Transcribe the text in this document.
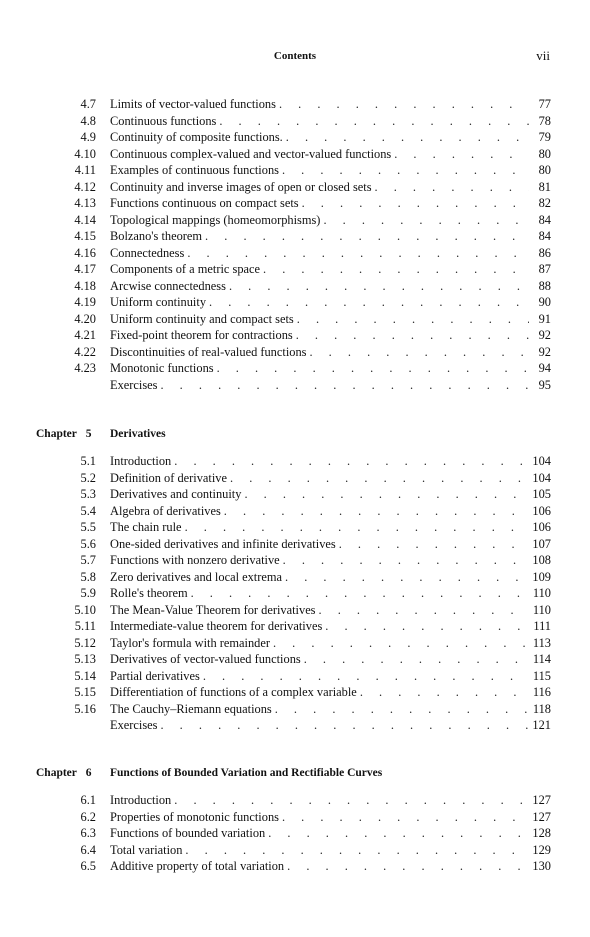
Contents	vii
4.7 Limits of vector-valued functions . . .	77
4.8 Continuous functions . . .	78
4.9 Continuity of composite functions. . . .	79
4.10 Continuous complex-valued and vector-valued functions . . .	80
4.11 Examples of continuous functions . . .	80
4.12 Continuity and inverse images of open or closed sets . . .	81
4.13 Functions continuous on compact sets . . .	82
4.14 Topological mappings (homeomorphisms) . . .	84
4.15 Bolzano's theorem . . .	84
4.16 Connectedness . . .	86
4.17 Components of a metric space . . .	87
4.18 Arcwise connectedness . . .	88
4.19 Uniform continuity . . .	90
4.20 Uniform continuity and compact sets . . .	91
4.21 Fixed-point theorem for contractions . . .	92
4.22 Discontinuities of real-valued functions . . .	92
4.23 Monotonic functions . . .	94
Exercises . . .	95
Chapter 5 Derivatives
5.1 Introduction . . .	104
5.2 Definition of derivative . . .	104
5.3 Derivatives and continuity . . .	105
5.4 Algebra of derivatives . . .	106
5.5 The chain rule . . .	106
5.6 One-sided derivatives and infinite derivatives . . .	107
5.7 Functions with nonzero derivative . . .	108
5.8 Zero derivatives and local extrema . . .	109
5.9 Rolle's theorem . . .	110
5.10 The Mean-Value Theorem for derivatives . . .	110
5.11 Intermediate-value theorem for derivatives . . .	111
5.12 Taylor's formula with remainder . . .	113
5.13 Derivatives of vector-valued functions . . .	114
5.14 Partial derivatives . . .	115
5.15 Differentiation of functions of a complex variable . . .	116
5.16 The Cauchy–Riemann equations . . .	118
Exercises . . .	121
Chapter 6 Functions of Bounded Variation and Rectifiable Curves
6.1 Introduction . . .	127
6.2 Properties of monotonic functions . . .	127
6.3 Functions of bounded variation . . .	128
6.4 Total variation . . .	129
6.5 Additive property of total variation . . .	130
